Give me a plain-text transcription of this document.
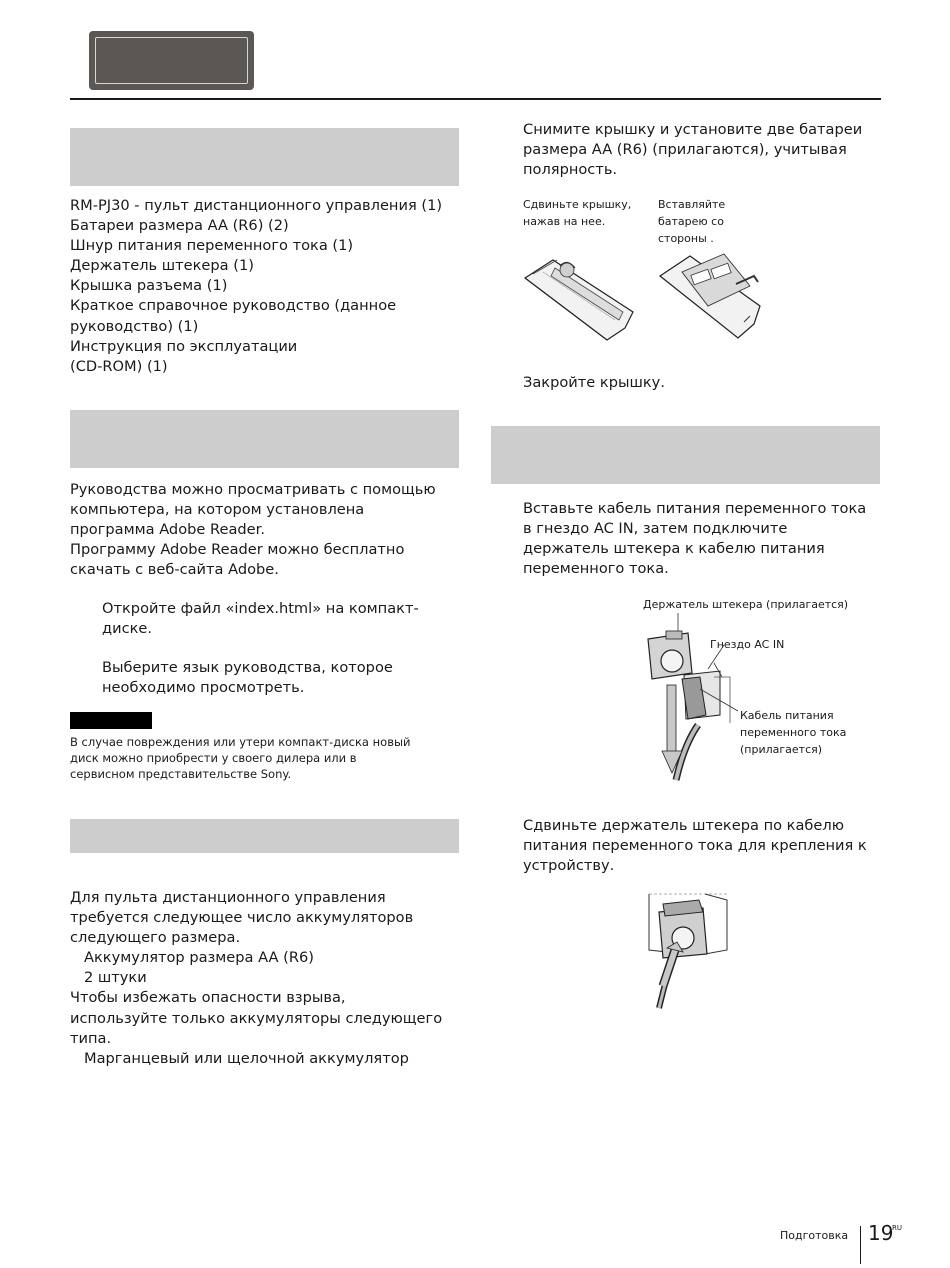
RM-PJ30 - пульт дистанционного управления (1)
Батареи размера AA (R6) (2)
Шнур питания переменного тока (1)
Держатель штекера (1)
Крышка разъема (1)
Краткое справочное руководство (данное
руководство) (1)
Инструкция по эксплуатации
(CD-ROM) (1)
Руководства можно просматривать с помощью
компьютера, на котором установлена
программа Adobe Reader.
Программу Adobe Reader можно бесплатно
скачать с веб-сайта Adobe.
Откройте файл «index.html» на компакт-
диске.
Выберите язык руководства, которое
необходимо просмотреть.
В случае повреждения или утери компакт-диска новый
диск можно приобрести у своего дилера или в
сервисном представительстве Sony.
Для пульта дистанционного управления
требуется следующее число аккумуляторов
следующего размера.
Аккумулятор размера AA (R6)
2 штуки
Чтобы избежать опасности взрыва,
используйте только аккумуляторы следующего
типа.
Марганцевый или щелочной аккумулятор
Снимите крышку и установите две батареи
размера AA (R6) (прилагаются), учитывая
полярность.
Сдвиньте крышку,
нажав на нее.
Вставляйте
батарею со
стороны .
Закройте крышку.
Вставьте кабель питания переменного тока
в гнездо AC IN, затем подключите
держатель штекера к кабелю питания
переменного тока.
Держатель штекера (прилагается)
Гнездо AC IN
Кабель питания
переменного тока
(прилагается)
Сдвиньте держатель штекера по кабелю
питания переменного тока для крепления к
устройству.
Подготовка 19
RU
